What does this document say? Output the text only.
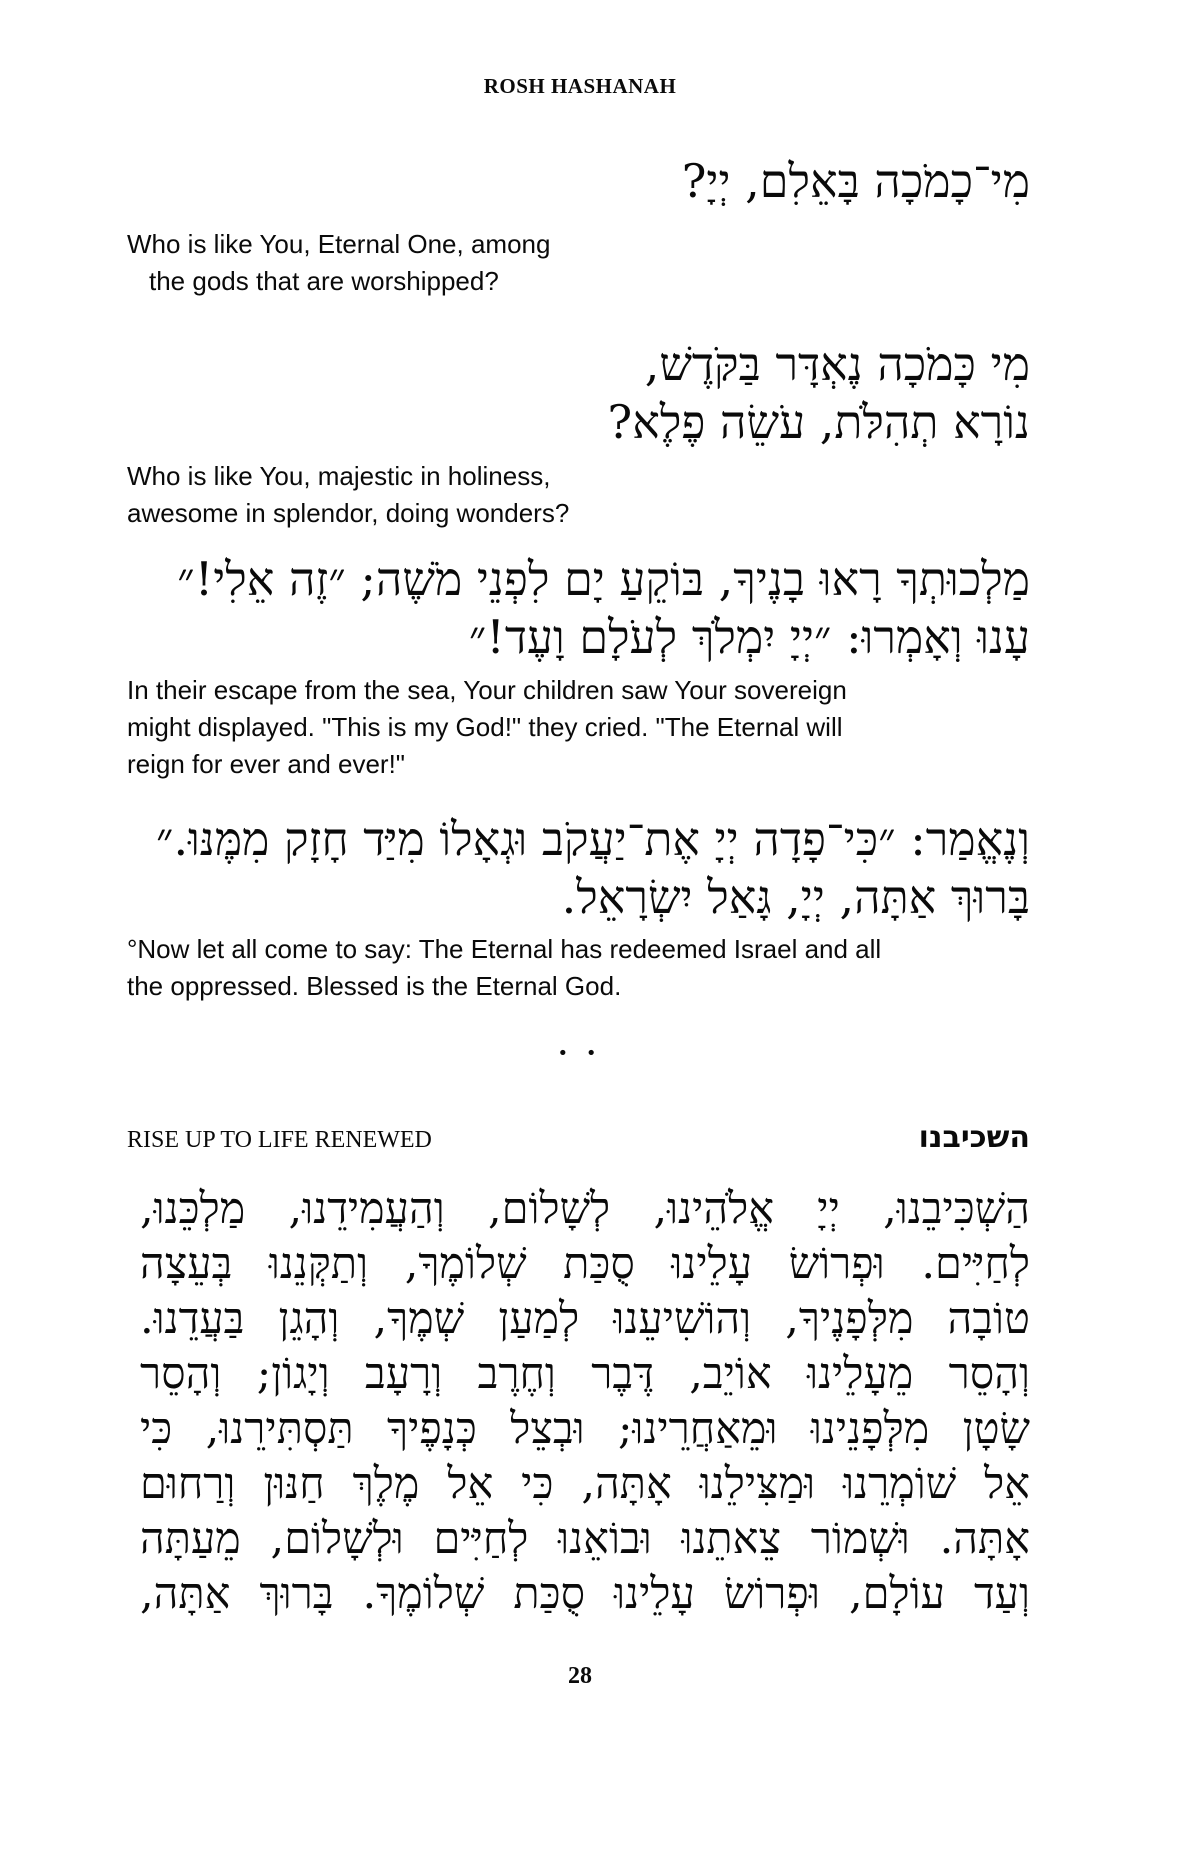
ROSH HASHANAH
מִי־כָמֹכָה בָּאֵלִם, יְיָ?
Who is like You, Eternal One, among
the gods that are worshipped?
מִי כָּמֹכָה נֶאְדָּר בַּקֹּדֶשׁ,
נוֹרָא תְהִלֹּת, עֹשֵׂה פֶלֶא?
Who is like You, majestic in holiness,
awesome in splendor, doing wonders?
מַלְכוּתְךָ רָאוּ בָנֶיךָ, בּוֹקֵעַ יָם לִפְנֵי מֹשֶׁה; ״זֶה אֵלִי!״
עָנוּ וְאָמְרוּ: ״יְיָ יִמְלֹךְ לְעֹלָם וָעֶד!״
In their escape from the sea, Your children saw Your sovereign
might displayed. "This is my God!" they cried. "The Eternal will
reign for ever and ever!"
וְנֶאֱמַר: ״כִּי־פָדָה יְיָ אֶת־יַעֲקֹב וּגְאָלוֹ מִיַּד חָזָק מִמֶּנּוּ.״
בָּרוּךְ אַתָּה, יְיָ, גָּאַל יִשְׂרָאֵל.
°Now let all come to say: The Eternal has redeemed Israel and all
the oppressed. Blessed is the Eternal God.
• •
RISE UP TO LIFE RENEWED	השכיבנו
הַשְׁכִּיבֵנוּ, יְיָ אֱלֹהֵינוּ, לְשָׁלוֹם, וְהַעֲמִידֵנוּ, מַלְכֵּנוּ,
לְחַיִּים. וּפְרוֹשׂ עָלֵינוּ סֻכַּת שְׁלוֹמֶךָ, וְתַקְּנֵנוּ בְּעֵצָה
טוֹבָה מִלְּפָנֶיךָ, וְהוֹשִׁיעֵנוּ לְמַעַן שְׁמֶךָ, וְהָגֵן בַּעֲדֵנוּ.
וְהָסֵר מֵעָלֵינוּ אוֹיֵב, דֶּבֶר וְחֶרֶב וְרָעָב וְיָגוֹן; וְהָסֵר
שָׂטָן מִלְּפָנֵינוּ וּמֵאַחֲרֵינוּ; וּבְצֵל כְּנָפֶיךָ תַּסְתִּירֵנוּ, כִּי
אֵל שׁוֹמְרֵנוּ וּמַצִּילֵנוּ אָתָּה, כִּי אֵל מֶלֶךְ חַנּוּן וְרַחוּם
אָתָּה. וּשְׁמוֹר צֵאתֵנוּ וּבוֹאֵנוּ לְחַיִּים וּלְשָׁלוֹם, מֵעַתָּה
וְעַד עוֹלָם, וּפְרוֹשׂ עָלֵינוּ סֻכַּת שְׁלוֹמֶךָ. בָּרוּךְ אַתָּה,
28
